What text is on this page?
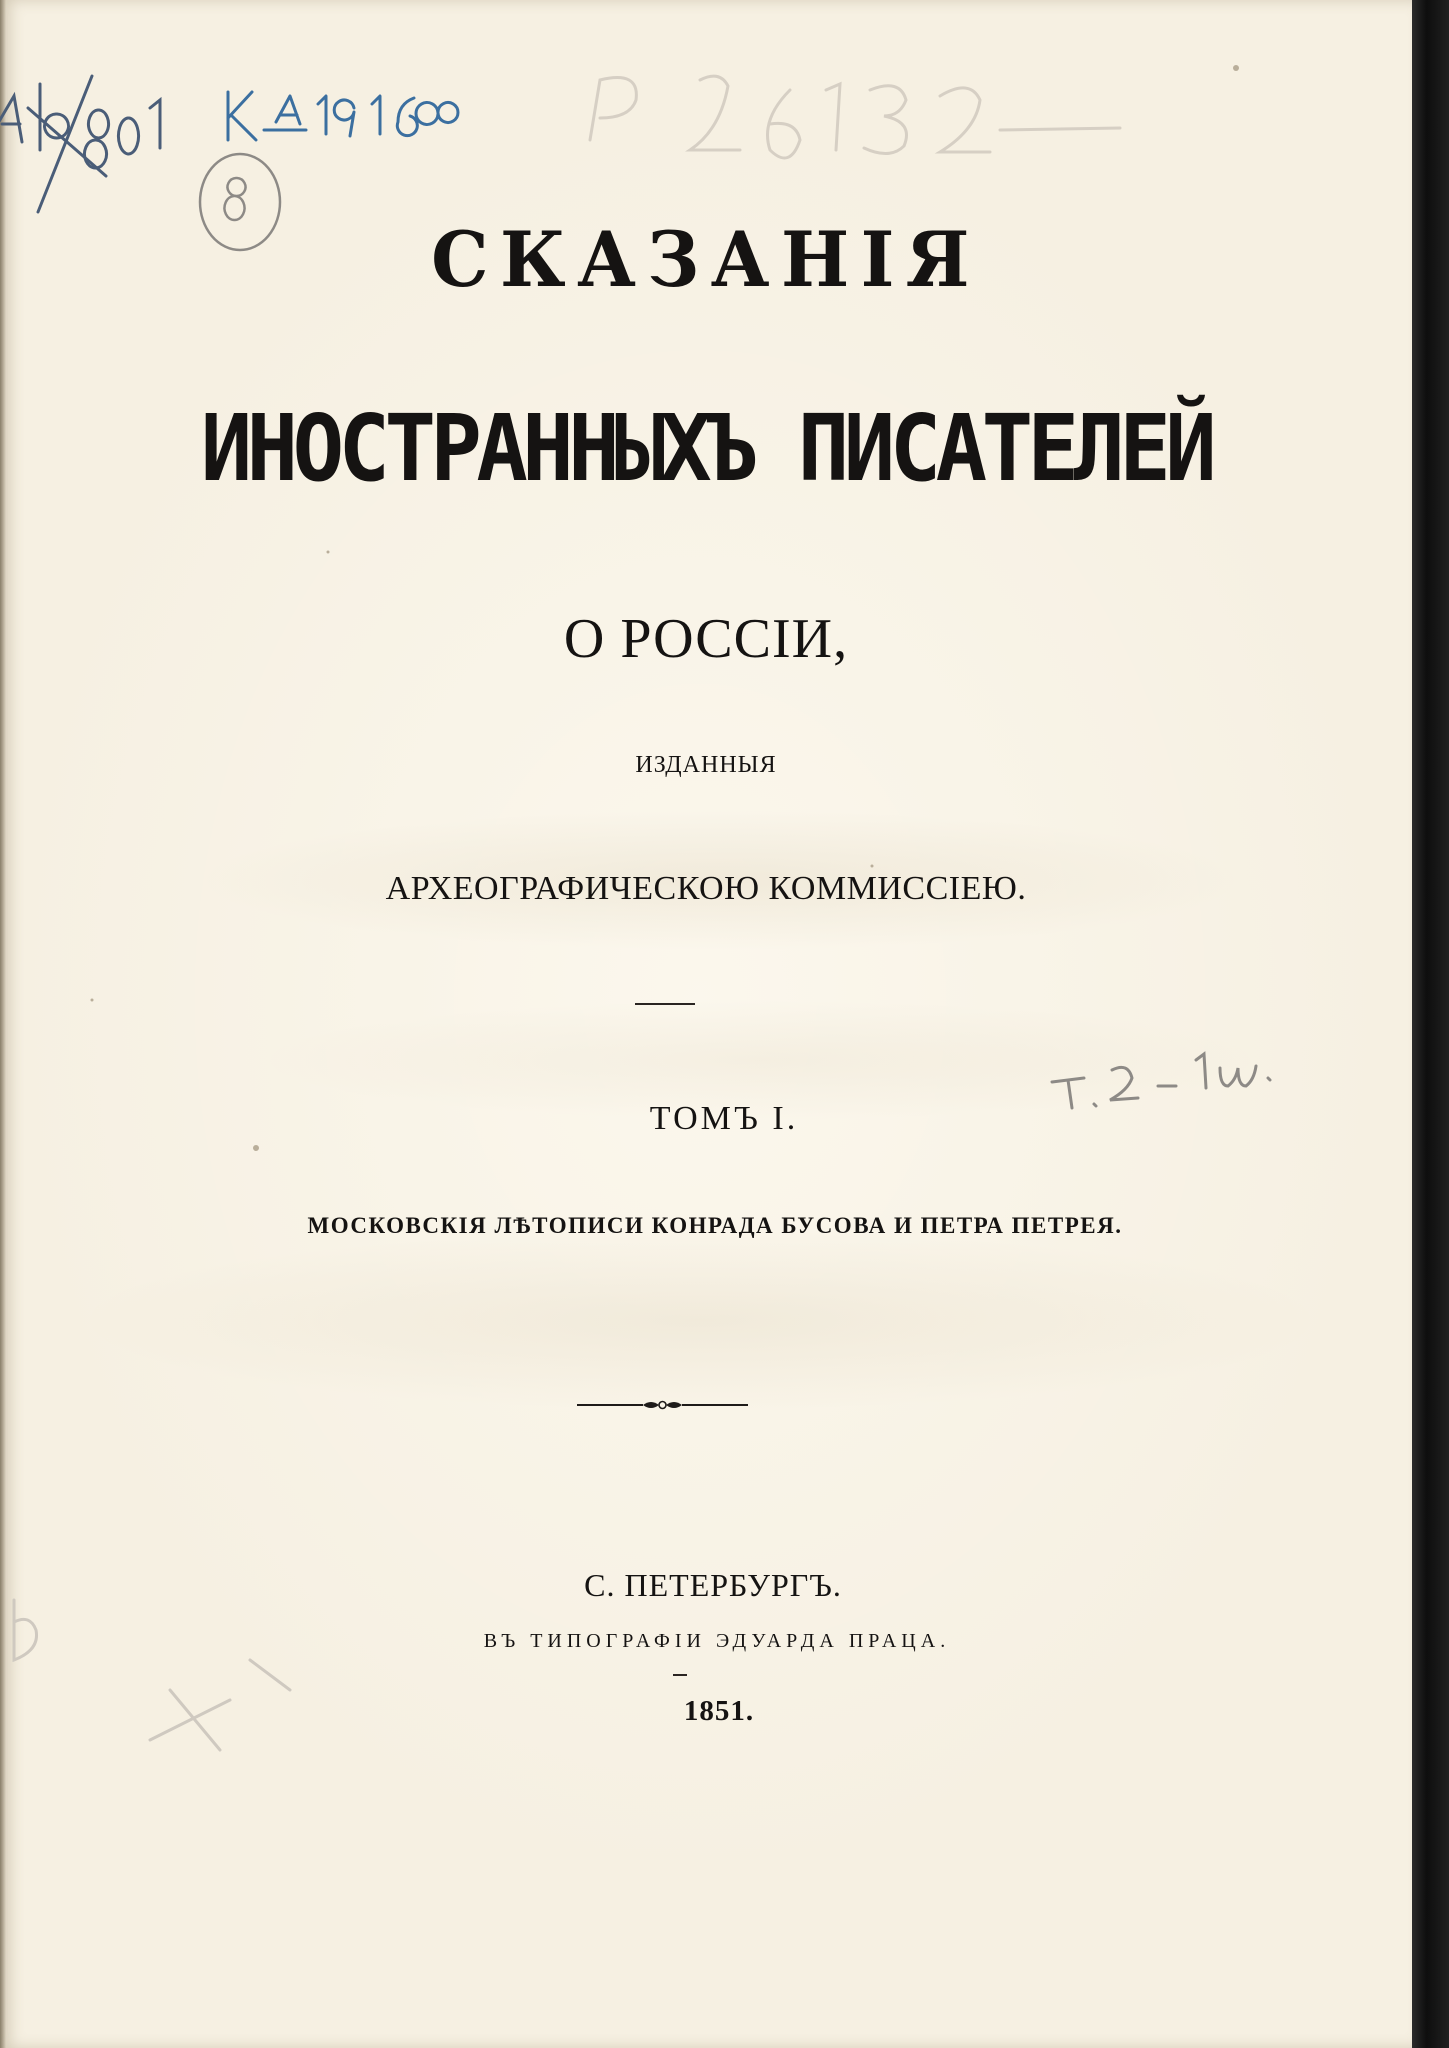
СКАЗАНІЯ
ИНОСТРАННЫХЪ ПИСАТЕЛЕЙ
О РОССІИ,
ИЗДАННЫЯ
АРХЕОГРАФИЧЕСКОЮ КОММИССІЕЮ.
ТОМЪ I.
МОСКОВСКІЯ ЛѢТОПИСИ КОНРАДА БУСОВА И ПЕТРА ПЕТРЕЯ.
С. ПЕТЕРБУРГЪ.
ВЪ ТИПОГРАФІИ ЭДУАРДА ПРАЦА.
1851.
